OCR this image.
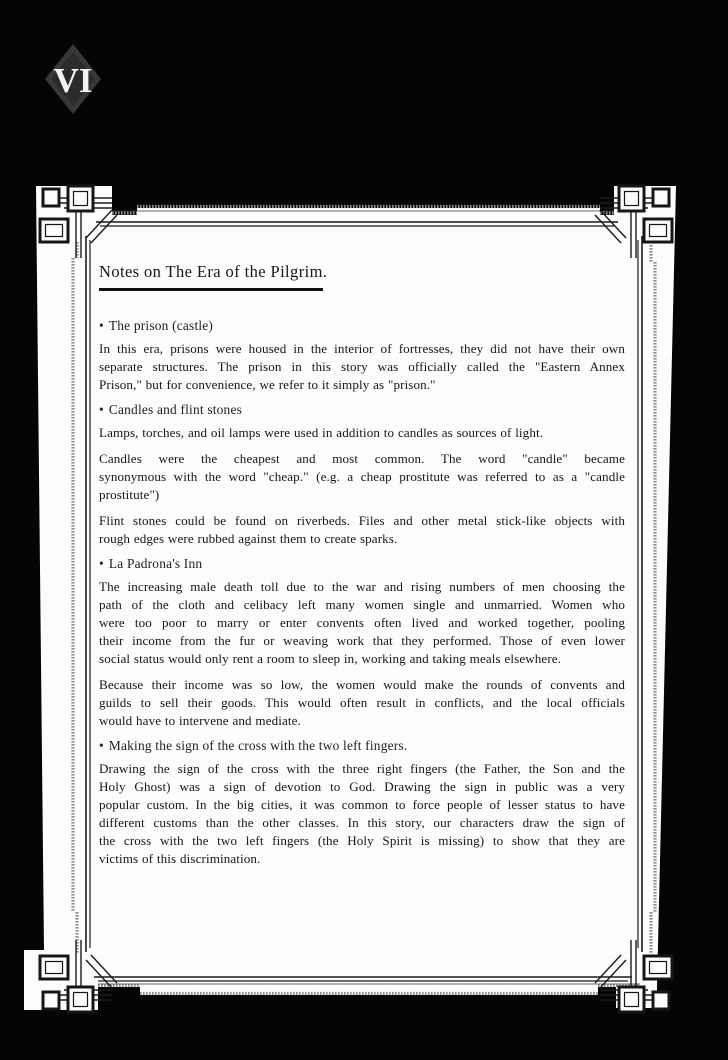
VI
Notes on The Era of the Pilgrim.
• The prison (castle)
In this era, prisons were housed in the interior of fortresses, they did not have their own
separate structures. The prison in this story was officially called the "Eastern Annex
Prison," but for convenience, we refer to it simply as "prison."
• Candles and flint stones
Lamps, torches, and oil lamps were used in addition to candles as sources of light.
Candles were the cheapest and most common. The word "candle" became
synonymous with the word "cheap." (e.g. a cheap prostitute was referred to as a "candle
prostitute")
Flint stones could be found on riverbeds. Files and other metal stick-like objects with
rough edges were rubbed against them to create sparks.
• La Padrona's Inn
The increasing male death toll due to the war and rising numbers of men choosing the
path of the cloth and celibacy left many women single and unmarried. Women who
were too poor to marry or enter convents often lived and worked together, pooling
their income from the fur or weaving work that they performed. Those of even lower
social status would only rent a room to sleep in, working and taking meals elsewhere.
Because their income was so low, the women would make the rounds of convents and
guilds to sell their goods. This would often result in conflicts, and the local officials
would have to intervene and mediate.
• Making the sign of the cross with the two left fingers.
Drawing the sign of the cross with the three right fingers (the Father, the Son and the
Holy Ghost) was a sign of devotion to God. Drawing the sign in public was a very
popular custom. In the big cities, it was common to force people of lesser status to have
different customs than the other classes. In this story, our characters draw the sign of
the cross with the two left fingers (the Holy Spirit is missing) to show that they are
victims of this discrimination.
